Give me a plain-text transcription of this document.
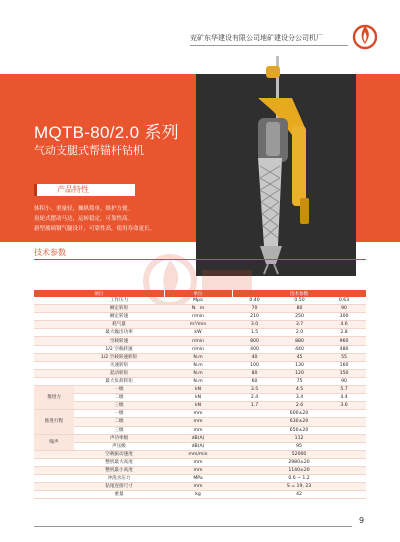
兖矿东华建设有限公司地矿建设分公司机厂
MQTB-80/2.0 系列
气动支腿式帮锚杆钻机
产品特性
体积小、重量轻，操纵简单，维护方便。
齿轮式摆动马达，运转稳定，可靠性高。
新型玻璃钢气腿设计，可靠性高，使用寿命更长。
技术参数
项目		单位	技术参数		
	工作压力	Mpa	0.40	0.50	0.63
	额定转矩	N．m	70	80	90
	额定转速	r/min	210	250	300
	耗气量	m³/min	3.0	3.7	4.6
	最大输出功率	kW	1.5	2.0	2.8
	空载转速	r/min	800	880	960
	1/2 空载转速	r/min	400	440	480
	1/2 空载转速转矩	N.m	40	45	55
	失速转矩	N.m	100	130	160
	起动转矩	N.m	80	120	150
	最大负荷转矩	N.m	60	75	90
推进力	一级	kN	3.5	4.5	5.7
	二级	kN	2.4	3.4	4.4
	三级	kN	1.7	2.6	3.6
推进行程	一级	mm	600±20		
	二级	mm	630±20		
	三级	mm	650±20		
噪声	声功率级	dB(A)	112		
	声压级	dB(A)	95		
	空载振动速度	mm/min	52000		
	整机最大高度	mm	2980±20		
	整机最小高度	mm	1140±20		
	冲洗水压力	MPa	0.6 ~ 1.2		
	钻尾连接尺寸	mm	S = 19, 23		
	重量	kg	42		
9
